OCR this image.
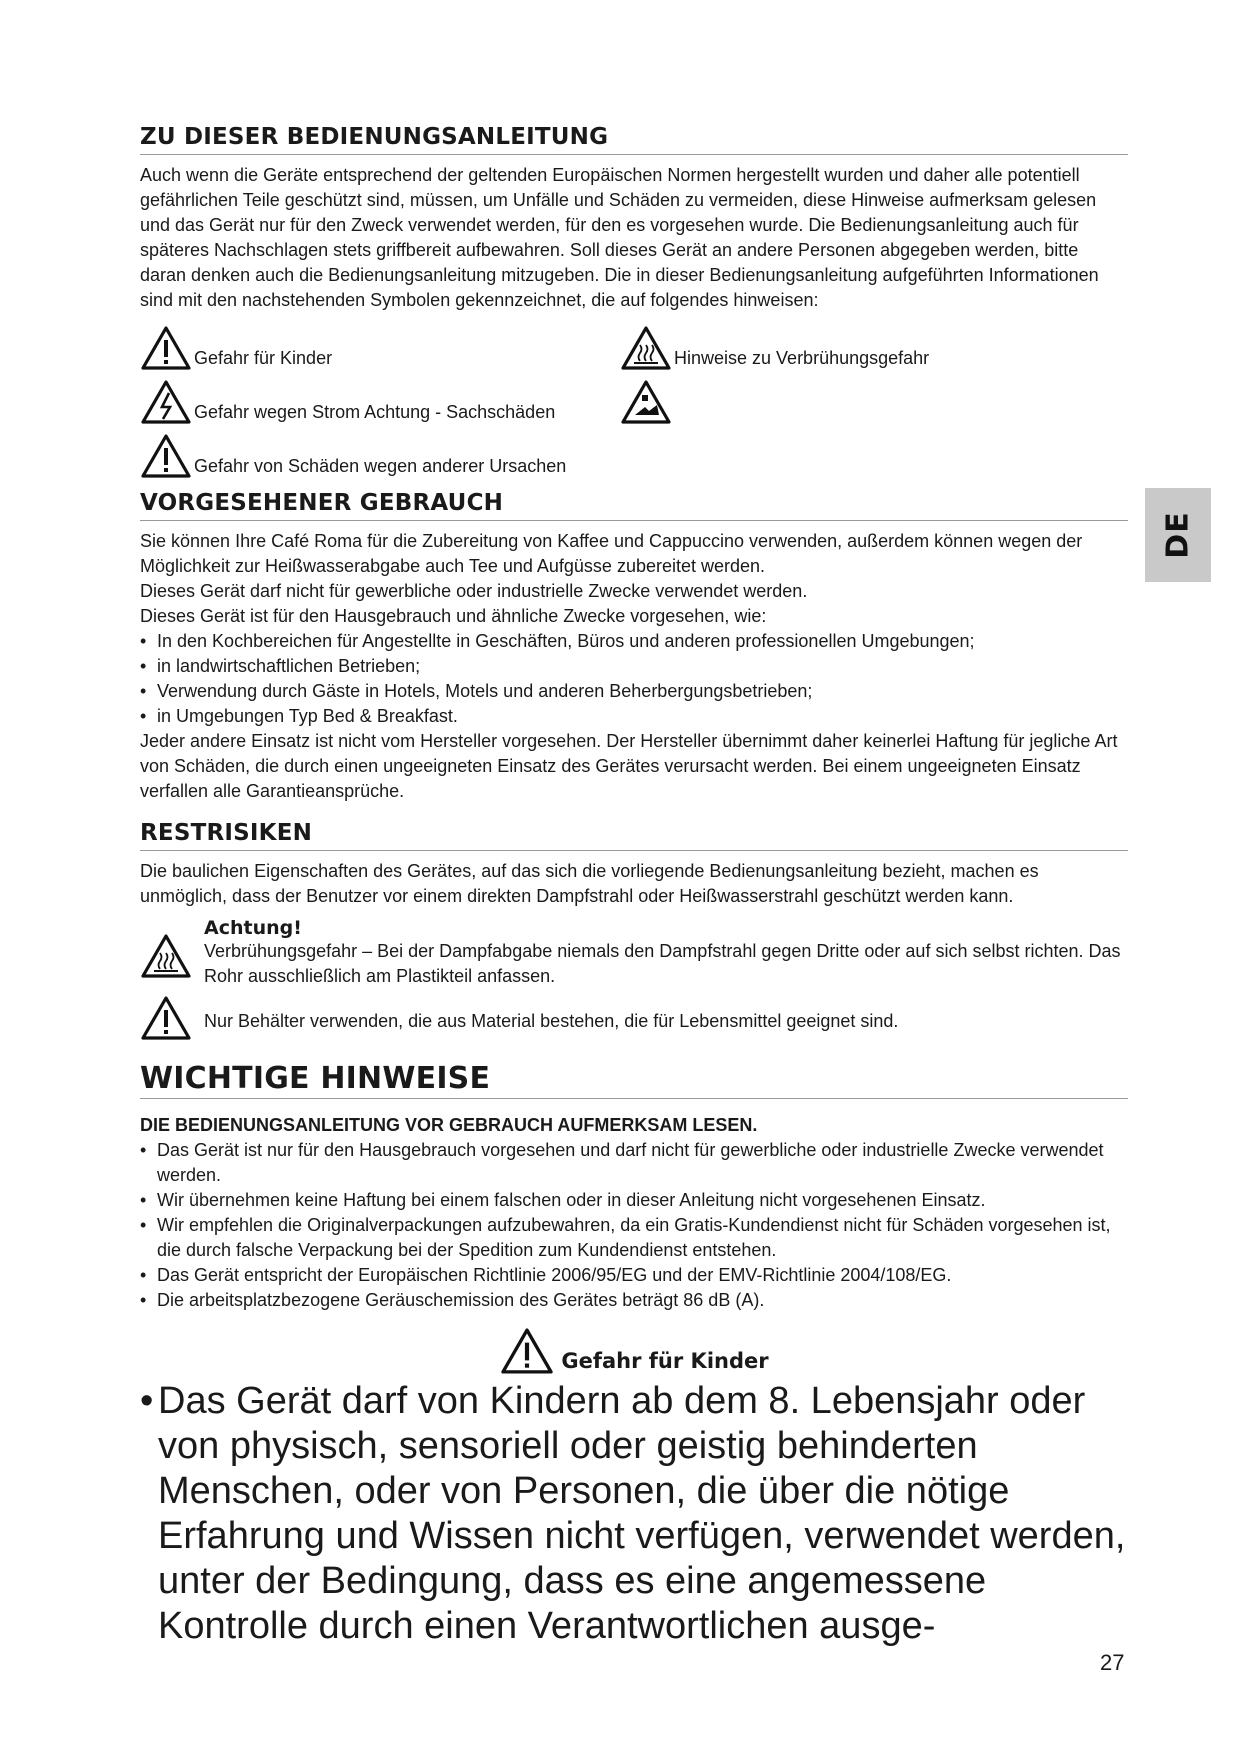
DE
ZU DIESER BEDIENUNGSANLEITUNG

Auch wenn die Geräte entsprechend der geltenden Europäischen Normen hergestellt wurden und daher alle potentiell gefährlichen Teile geschützt sind, müssen, um Unfälle und Schäden zu vermeiden, diese Hinweise aufmerksam gelesen und das Gerät nur für den Zweck verwendet werden, für den es vorgesehen wurde. Die Bedienungsanleitung auch für späteres Nachschlagen stets griffbereit aufbewahren. Soll dieses Gerät an andere Personen abgegeben werden, bitte daran denken auch die Bedienungsanleitung mitzugeben. Die in dieser Bedienungsanleitung aufgeführten Informationen sind mit den nachstehenden Symbolen gekennzeichnet, die auf folgendes hinweisen:

Gefahr für Kinder
Gefahr wegen Strom Achtung - Sachschäden
Gefahr von Schäden wegen anderer Ursachen
Hinweise zu Verbrühungsgefahr
VORGESEHENER GEBRAUCH

Sie können Ihre Café Roma für die Zubereitung von Kaffee und Cappuccino verwenden, außerdem können wegen der Möglichkeit zur Heißwasserabgabe auch Tee und Aufgüsse zubereitet werden.

Dieses Gerät darf nicht für gewerbliche oder industrielle Zwecke verwendet werden.

Dieses Gerät ist für den Hausgebrauch und ähnliche Zwecke vorgesehen, wie:

• In den Kochbereichen für Angestellte in Geschäften, Büros und anderen professionellen Umgebungen;
• in landwirtschaftlichen Betrieben;
• Verwendung durch Gäste in Hotels, Motels und anderen Beherbergungsbetrieben;
• in Umgebungen Typ Bed & Breakfast.

Jeder andere Einsatz ist nicht vom Hersteller vorgesehen. Der Hersteller übernimmt daher keinerlei Haftung für jegliche Art von Schäden, die durch einen ungeeigneten Einsatz des Gerätes verursacht werden. Bei einem ungeeigneten Einsatz verfallen alle Garantieansprüche.

RESTRISIKEN

Die baulichen Eigenschaften des Gerätes, auf das sich die vorliegende Bedienungsanleitung bezieht, machen es unmöglich, dass der Benutzer vor einem direkten Dampfstrahl oder Heißwasserstrahl geschützt werden kann.

Achtung!

Verbrühungsgefahr – Bei der Dampfabgabe niemals den Dampfstrahl gegen Dritte oder auf sich selbst richten. Das Rohr ausschließlich am Plastikteil anfassen.

Nur Behälter verwenden, die aus Material bestehen, die für Lebensmittel geeignet sind.

WICHTIGE HINWEISE
DIE BEDIENUNGSANLEITUNG VOR GEBRAUCH AUFMERKSAM LESEN.
• Das Gerät ist nur für den Hausgebrauch vorgesehen und darf nicht für gewerbliche oder industrielle Zwecke verwendet werden.
• Wir übernehmen keine Haftung bei einem falschen oder in dieser Anleitung nicht vorgesehenen Einsatz.
• Wir empfehlen die Originalverpackungen aufzubewahren, da ein Gratis-Kundendienst nicht für Schäden vorgesehen ist, die durch falsche Verpackung bei der Spedition zum Kundendienst entstehen.
• Das Gerät entspricht der Europäischen Richtlinie 2006/95/EG und der EMV-Richtlinie 2004/108/EG.
• Die arbeitsplatzbezogene Geräuschemission des Gerätes beträgt 86 dB (A).
Gefahr für Kinder
• Das Gerät darf von Kindern ab dem 8. Lebensjahr oder von physisch, sensoriell oder geistig behinderten Menschen, oder von Personen, die über die nötige Erfahrung und Wissen nicht verfügen, verwendet werden, unter der Bedingung, dass es eine angemessene Kontrolle durch einen Verantwortlichen ausge-
27
